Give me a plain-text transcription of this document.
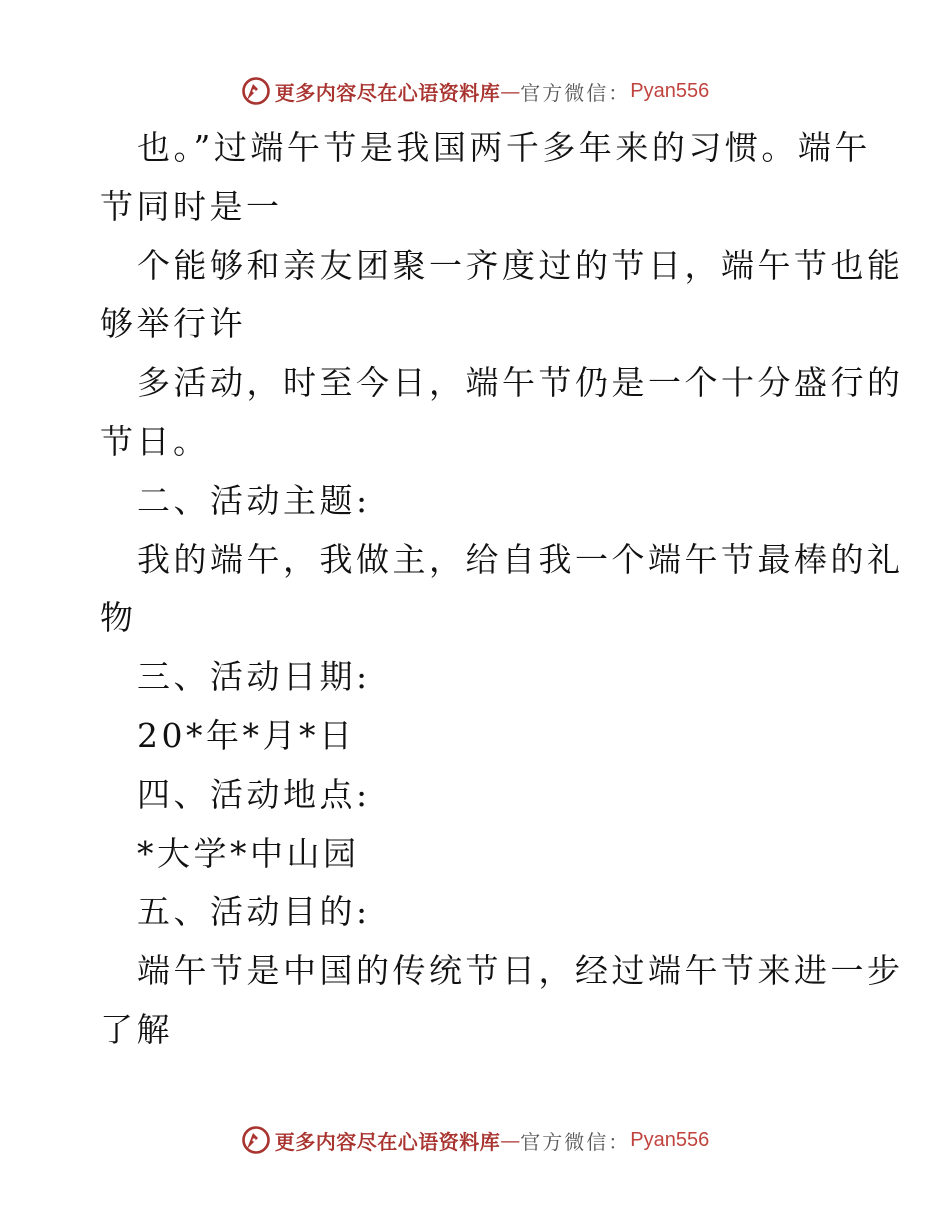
更多内容尽在心语资料库 — 官方微信： Pyan556
也。”过端午节是我国两千多年来的习惯。端午
节同时是一
个能够和亲友团聚一齐度过的节日，端午节也能
够举行许
多活动，时至今日，端午节仍是一个十分盛行的
节日。
二、活动主题:
我的端午，我做主，给自我一个端午节最棒的礼
物
三、活动日期:
20*年*月*日
四、活动地点:
*大学*中山园
五、活动目的:
端午节是中国的传统节日，经过端午节来进一步
了解
更多内容尽在心语资料库 — 官方微信： Pyan556
